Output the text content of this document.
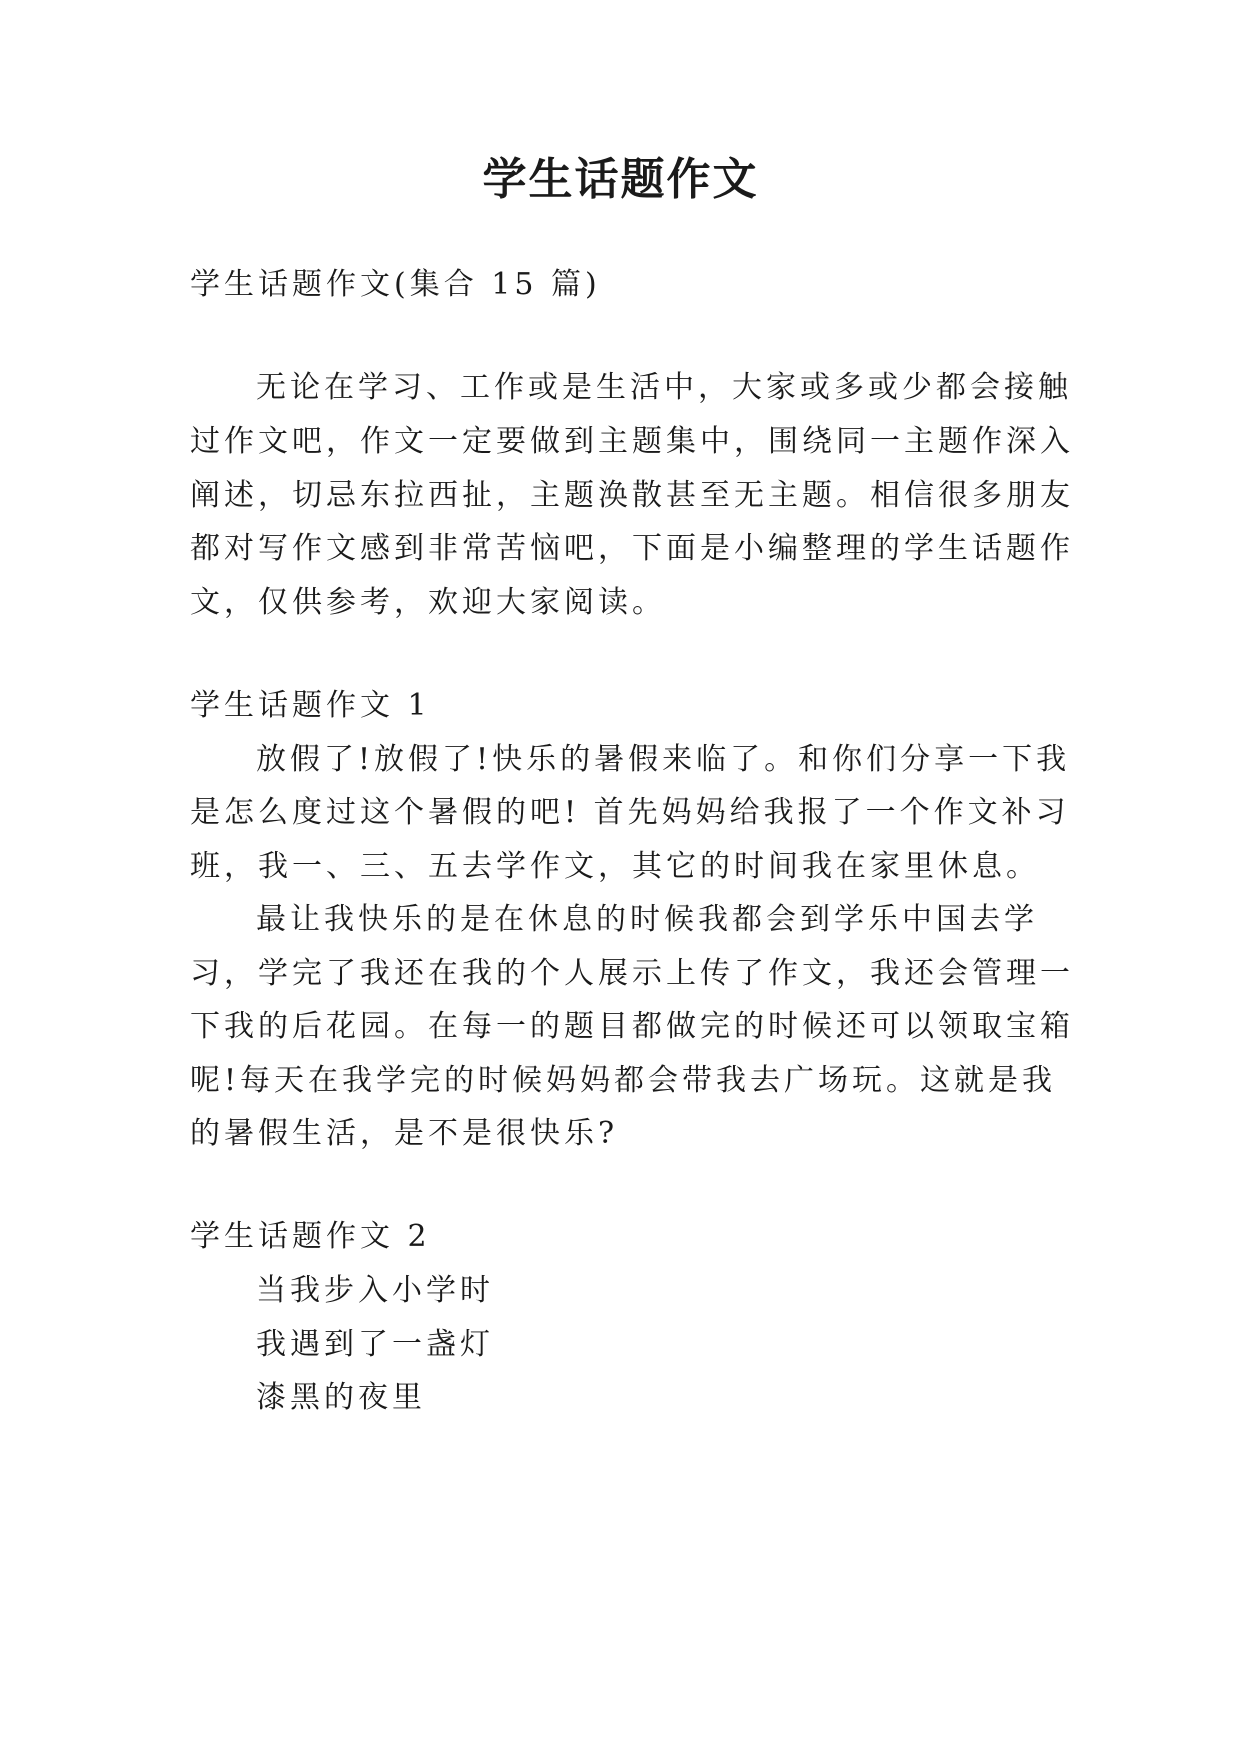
学生话题作文

学生话题作文(集合 15 篇)

无论在学习、工作或是生活中，大家或多或少都会接触

过作文吧，作文一定要做到主题集中，围绕同一主题作深入

阐述，切忌东拉西扯，主题涣散甚至无主题。相信很多朋友

都对写作文感到非常苦恼吧，下面是小编整理的学生话题作

文，仅供参考，欢迎大家阅读。

学生话题作文 1

放假了!放假了!快乐的暑假来临了。和你们分享一下我

是怎么度过这个暑假的吧! 首先妈妈给我报了一个作文补习

班，我一、三、五去学作文，其它的时间我在家里休息。

最让我快乐的是在休息的时候我都会到学乐中国去学

习，学完了我还在我的个人展示上传了作文，我还会管理一

下我的后花园。在每一的题目都做完的时候还可以领取宝箱

呢!每天在我学完的时候妈妈都会带我去广场玩。这就是我

的暑假生活，是不是很快乐?

学生话题作文 2

当我步入小学时

我遇到了一盏灯

漆黑的夜里
